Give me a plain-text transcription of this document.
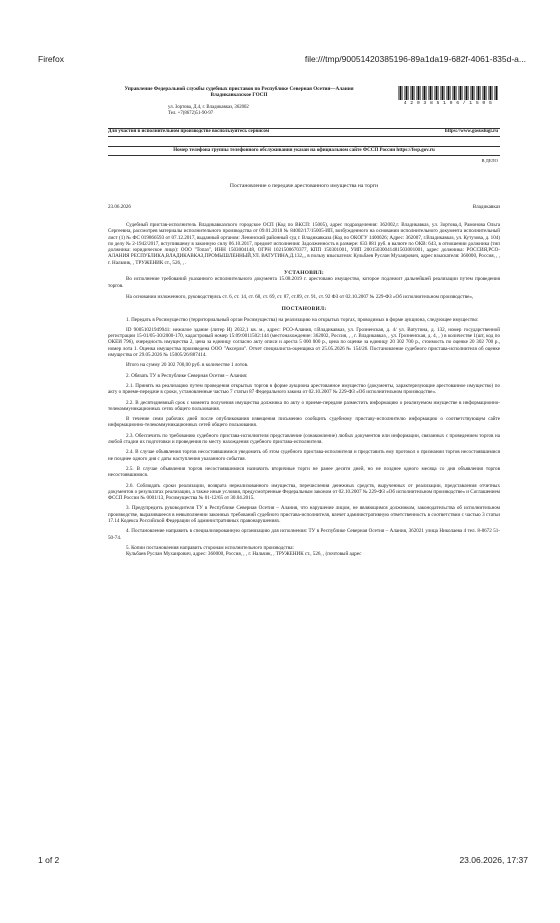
Firefox	file:///tmp/90051420385196-89a1da19-682f-4061-835d-a...
Управление Федеральной службы судебных приставов по Республике Северная Осетия—Алания
Владикавказское ГОСП
ул. Зортова, Д.4, г. Владикавказ, 362002
Тел. +7(8672)51-90-97
4 2 0 3 8 5 1 9 6 / 1 5 0 5
Для участия в исполнительном производстве воспользуйтесь сервисом	https://www.gosuslugi.ru
Номер телефона группы телефонного обслуживания указан на официальном сайте ФССП России https://fssp.gov.ru
В ДЕЛО
Постановление о передаче арестованного имущества на торги
23.06.2026	Владикавказ

Судебный пристав-исполнитель Владикавказского городское ОСП (Код по ВКСП: 15005), адрес подразделения: 362002,г. Владикавказ, ул. Зортова,4, Рамонова Ольга Сергеевна, рассмотрев материалы исполнительного производства от 09.01.2018 № 84002/17/15005-ИП, возбужденного на основании исполнительного документа исполнительный лист (1) № ФС 019866593 от 07.12.2017, выданный органом: Ленинский районный суд г. Владикавказа (Код по ОКОГУ 1400026; Адрес: 362007, г.Владикавказ, ул. Кутузова, д. 104) по делу № 2-1942/2017, вступившему в законную силу 06.10.2017, предмет исполнения: Задолженность в размере: 633 881 руб. в валюте по ОКВ: 643, в отношении должника (тип должника: юридическое лицо): ООО "Топаз", ИНН 1503004148, ОГРН 1021500670377, КПП 150301001, УИП 20015030041481503001001, адрес должника: РОССИЯ,РСО-АЛАНИЯ РЕСПУБЛИКА,ВЛАДИКАВКАЗ,ПРОМЫШЛЕННЫЙ,УЛ. ВАТУТИНА,Д.132,,, в пользу взыскателя: Кульбаев Руслан Мухаирович, адрес взыскателя: 360000, Россия, , , г. Нальчик, , ТРУЖЕНИК ст., 526, , .

УСТАНОВИЛ:

Во исполнение требований указанного исполнительного документа 15.08.2019 г. арестовано имущество, которое подлежит дальнейшей реализации путем проведения торгов.

На основании изложенного, руководствуясь ст. 6, ст. 14, ст. 68, ст. 69, ст. 87, ст.89, ст. 91, ст. 92 ФЗ от 02.10.2007 № 229-ФЗ «Об исполнительном производстве»,

ПОСТАНОВИЛ:

1. Передать в Росимущество (территориальный орган Росимущества) на реализацию на открытых торгах, проводимых в форме аукциона, следующее имущество:

ID 90051021949941: нежилое здание (литер И) 2032,1 кв. м., адрес: РСО-Алания, г.Владикавказ, ул. Грозненская, д. 4/ ул. Ватутина, д. 132, номер государственной регистрации 15-01/05-30/2000-170, кадастровый номер 15:09:0011502:144 (местонахождение: 362002, Россия, , , г. Владикавказ, , ул. Грозненская, д. 4, , ) в количестве 1(шт, код по ОКЕИ 796), очередность имущества 2, цена за единицу согласно акту описи и ареста 5 000 000 р., цена по оценке за единицу 20 302 700 р., стоимость по оценке 20 302 700 р., номер лота 1. Оценка имущества произведена ООО "Аксерли". Отчет специалиста-оценщика от 25.05.2026 № 154/26. Постановление судебного пристава-исполнителя об оценке имущества от 29.05.2026 № 15005/26/887414.

Итого на сумму 20 302 700,00 руб. в количестве 1 лотов.

2. Обязать ТУ в Республике Северная Осетия – Алания:

2.1. Принять на реализацию путем проведения открытых торгов в форме аукциона арестованное имущество (документы, характеризующие арестованное имущество) по акту о приеме-передаче в сроки, установленные частью 7 статьи 87 Федерального закона от 02.10.2007 № 229-ФЗ «Об исполнительном производстве».

2.2. В десятидневный срок с момента получения имущества должника по акту о приеме-передаче разместить информацию о реализуемом имуществе в информационно-телекоммуникационных сетях общего пользования.

В течение семи рабочих дней после опубликования извещения письменно сообщить судебному приставу-исполнителю информацию о соответствующем сайте информационно-телекоммуникационных сетей общего пользования.

2.3. Обеспечить по требованию судебного пристава-исполнителя представление (ознакомление) любых документов или информации, связанных с проведением торгов на любой стадии их подготовки и проведения по месту нахождения судебного пристава-исполнителя.

2.4. В случае объявления торгов несостоявшимися уведомить об этом судебного пристава-исполнителя и представить ему протокол о признании торгов несостоявшимися не позднее одного дня с даты наступления указанного события.

2.5. В случае объявления торгов несостоявшимися назначить вторичные торги не ранее десяти дней, но не позднее одного месяца со дня объявления торгов несостоявшимися.

2.6. Соблюдать сроки реализации, возврата нереализованного имущества, перечисления денежных средств, вырученных от реализации, представления отчетных документов о результатах реализации, а также иные условия, предусмотренные Федеральным законом от 02.10.2007 № 229-ФЗ «Об исполнительном производстве» и Соглашением ФССП России № 0001/13, Росимущества № 01-12/65 от 30.04.2015.

3. Предупредить руководителя ТУ в Республике Северная Осетия – Алания, что нарушение лицом, не являющимся должником, законодательства об исполнительном производстве, выразившееся в невыполнении законных требований судебного пристава-исполнителя, влечет административную ответственность в соответствии с частью 3 статьи 17.14 Кодекса Российской Федерации об административных правонарушениях.

4. Постановление направить в специализированную организацию для исполнения: ТУ в Республике Северная Осетия – Алания, 362021 улица Николаева 4 тел. 8-8672 51-50-74.

5. Копии постановления направить сторонам исполнительного производства:

Кульбаев Руслан Мухаирович, адрес: 360000, Россия, , , г. Нальчик, , ТРУЖЕНИК ст., 526, , (почтовый адрес

1 of 2	23.06.2026, 17:37
